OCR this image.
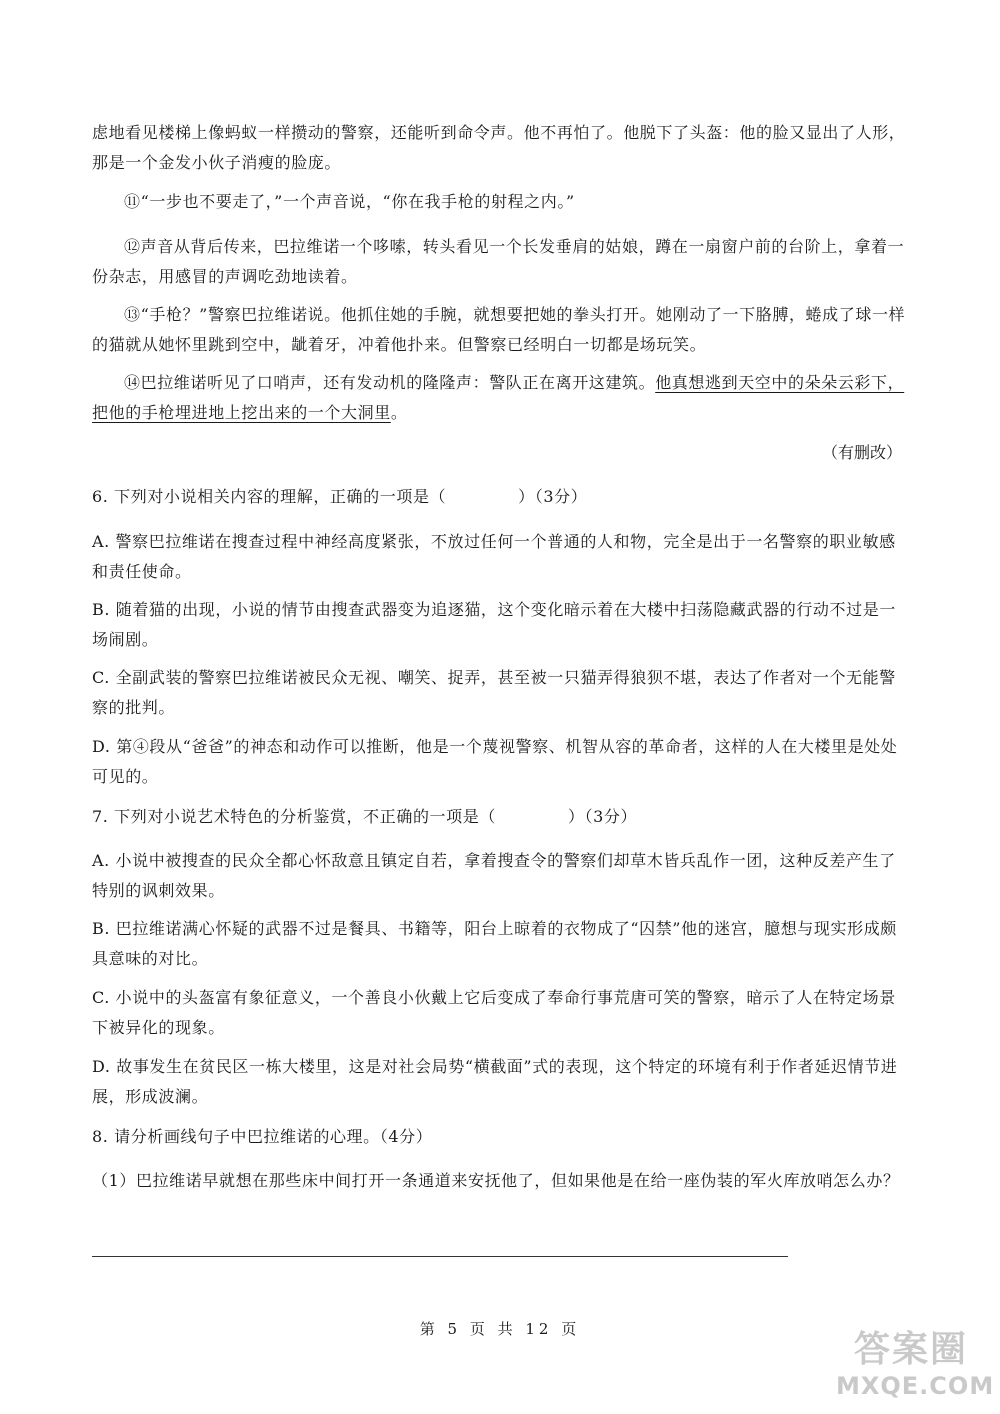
虑地看见楼梯上像蚂蚁一样攒动的警察，还能听到命令声。他不再怕了。他脱下了头盔：他的脸又显出了人形，那是一个金发小伙子消瘦的脸庞。

⑪“一步也不要走了，”一个声音说，“你在我手枪的射程之内。”

⑫声音从背后传来，巴拉维诺一个哆嗦，转头看见一个长发垂肩的姑娘，蹲在一扇窗户前的台阶上，拿着一份杂志，用感冒的声调吃劲地读着。

⑬“手枪？”警察巴拉维诺说。他抓住她的手腕，就想要把她的拳头打开。她刚动了一下胳膊，蜷成了球一样的猫就从她怀里跳到空中，龇着牙，冲着他扑来。但警察已经明白一切都是场玩笑。

⑭巴拉维诺听见了口哨声，还有发动机的隆隆声：警队正在离开这建筑。他真想逃到天空中的朵朵云彩下，把他的手枪埋进地上挖出来的一个大洞里。

（有删改）

6. 下列对小说相关内容的理解，正确的一项是（	）（3分）

A. 警察巴拉维诺在搜查过程中神经高度紧张，不放过任何一个普通的人和物，完全是出于一名警察的职业敏感和责任使命。

B. 随着猫的出现，小说的情节由搜查武器变为追逐猫，这个变化暗示着在大楼中扫荡隐藏武器的行动不过是一场闹剧。

C. 全副武装的警察巴拉维诺被民众无视、嘲笑、捉弄，甚至被一只猫弄得狼狈不堪，表达了作者对一个无能警察的批判。

D. 第④段从“爸爸”的神态和动作可以推断，他是一个蔑视警察、机智从容的革命者，这样的人在大楼里是处处可见的。

7. 下列对小说艺术特色的分析鉴赏，不正确的一项是（	）（3分）

A. 小说中被搜查的民众全都心怀敌意且镇定自若，拿着搜查令的警察们却草木皆兵乱作一团，这种反差产生了特别的讽刺效果。

B. 巴拉维诺满心怀疑的武器不过是餐具、书籍等，阳台上晾着的衣物成了“囚禁”他的迷宫，臆想与现实形成颇具意味的对比。

C. 小说中的头盔富有象征意义，一个善良小伙戴上它后变成了奉命行事荒唐可笑的警察，暗示了人在特定场景下被异化的现象。

D. 故事发生在贫民区一栋大楼里，这是对社会局势“横截面”式的表现，这个特定的环境有利于作者延迟情节进展，形成波澜。

8. 请分析画线句子中巴拉维诺的心理。（4分）

（1）巴拉维诺早就想在那些床中间打开一条通道来安抚他了，但如果他是在给一座伪装的军火库放哨怎么办？

第 5 页 共 12 页	答案圈
MXQE.COM
